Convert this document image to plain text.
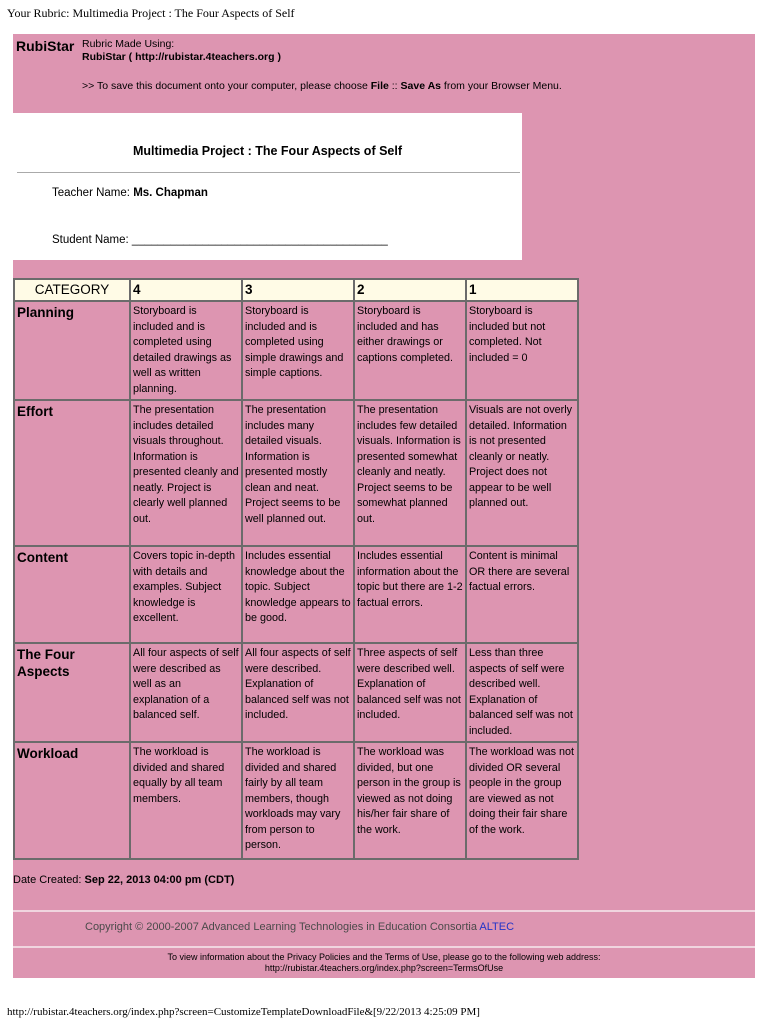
Your Rubric: Multimedia Project : The Four Aspects of Self
RubiStar Rubric Made Using:
RubiStar ( http://rubistar.4teachers.org )
>> To save this document onto your computer, please choose File :: Save As from your Browser Menu.
Multimedia Project : The Four Aspects of Self
Teacher Name: Ms. Chapman
Student Name: ________________________________________
CATEGORY	4	3	2	1
Planning	Storyboard is included and is completed using detailed drawings as well as written planning.	Storyboard is included and is completed using simple drawings and simple captions.	Storyboard is included and has either drawings or captions completed.	Storyboard is included but not completed. Not included = 0
Effort	The presentation includes detailed visuals throughout. Information is presented cleanly and neatly. Project is clearly well planned out.	The presentation includes many detailed visuals. Information is presented mostly clean and neat. Project seems to be well planned out.	The presentation includes few detailed visuals. Information is presented somewhat cleanly and neatly. Project seems to be somewhat planned out.	Visuals are not overly detailed. Information is not presented cleanly or neatly. Project does not appear to be well planned out.
Content	Covers topic in-depth with details and examples. Subject knowledge is excellent.	Includes essential knowledge about the topic. Subject knowledge appears to be good.	Includes essential information about the topic but there are 1-2 factual errors.	Content is minimal OR there are several factual errors.
The Four Aspects	All four aspects of self were described as well as an explanation of a balanced self.	All four aspects of self were described. Explanation of balanced self was not included.	Three aspects of self were described well. Explanation of balanced self was not included.	Less than three aspects of self were described well. Explanation of balanced self was not included.
Workload	The workload is divided and shared equally by all team members.	The workload is divided and shared fairly by all team members, though workloads may vary from person to person.	The workload was divided, but one person in the group is viewed as not doing his/her fair share of the work.	The workload was not divided OR several people in the group are viewed as not doing their fair share of the work.
Date Created: Sep 22, 2013 04:00 pm (CDT)
Copyright © 2000-2007 Advanced Learning Technologies in Education Consortia ALTEC
To view information about the Privacy Policies and the Terms of Use, please go to the following web address:
http://rubistar.4teachers.org/index.php?screen=TermsOfUse
http://rubistar.4teachers.org/index.php?screen=CustomizeTemplateDownloadFile&[9/22/2013 4:25:09 PM]
